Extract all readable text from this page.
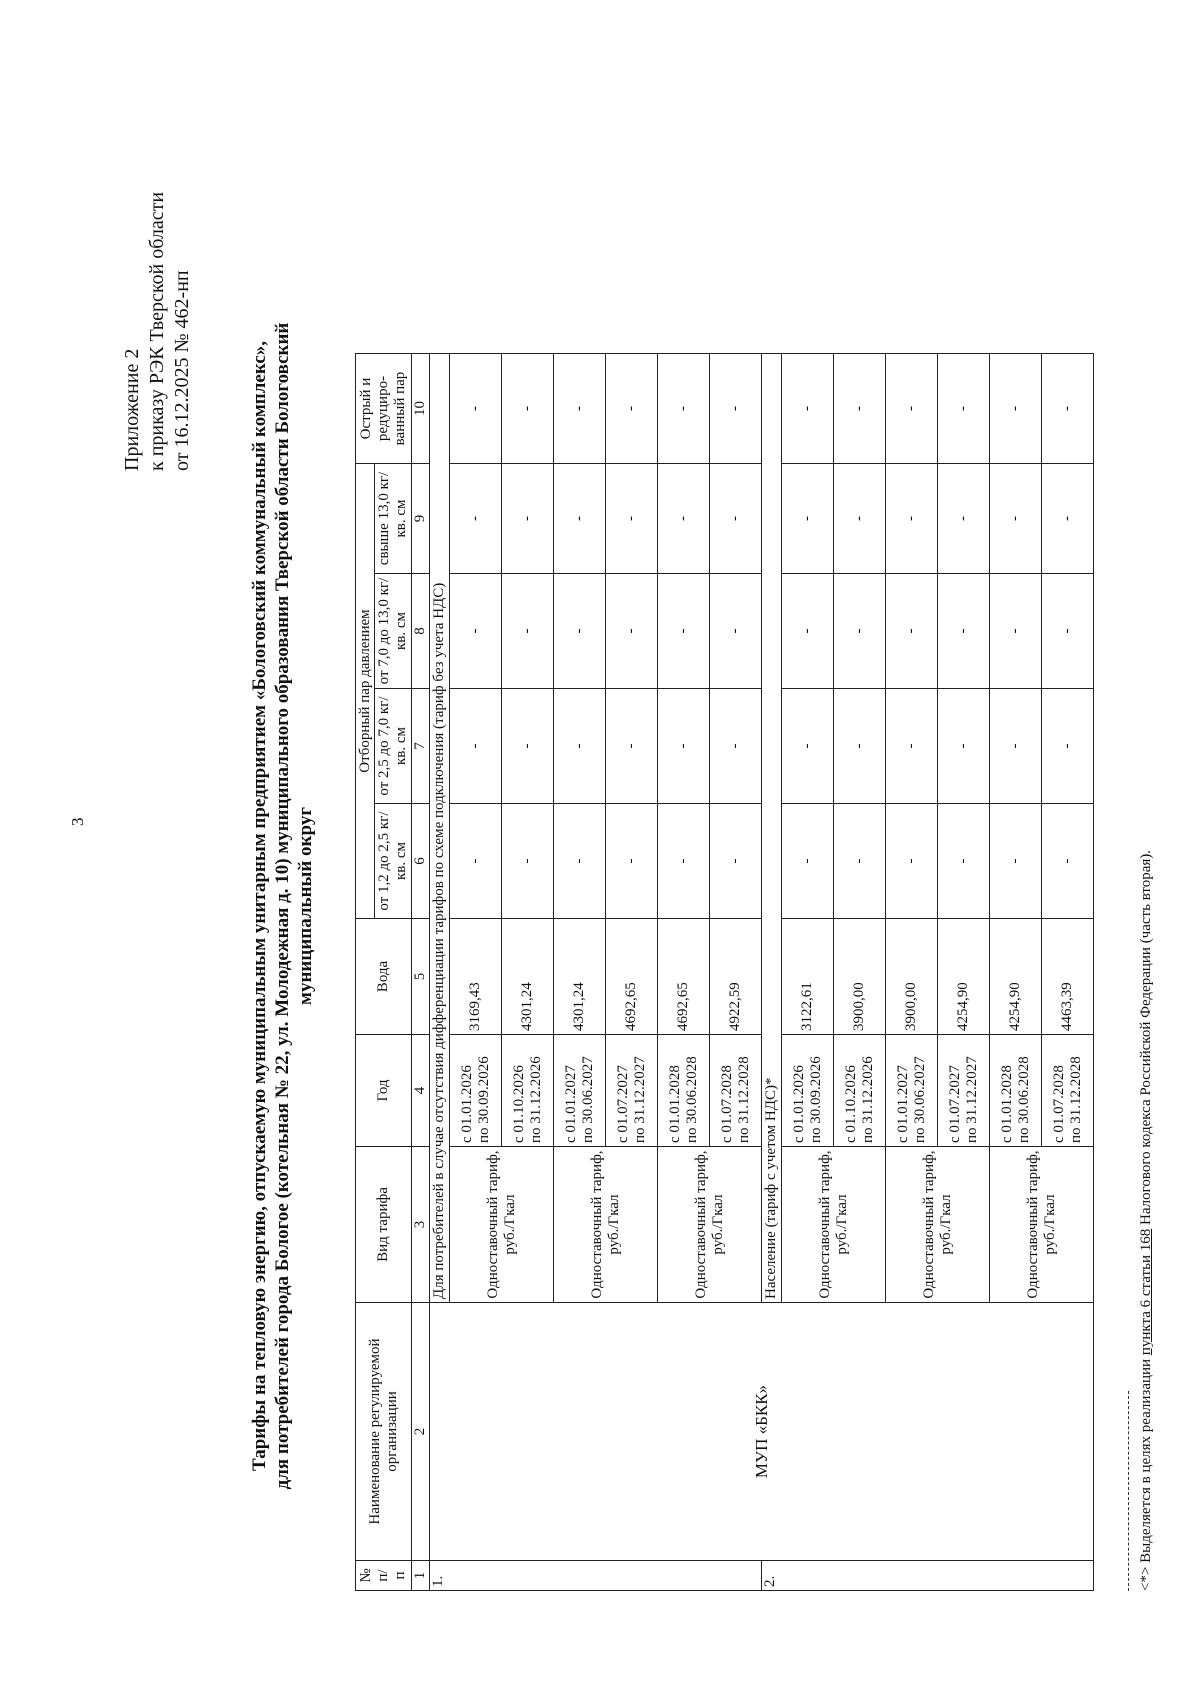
3
Приложение 2 к приказу РЭК Тверской области от 16.12.2025 № 462-нп	Тарифы на тепловую энергию, отпускаемую муниципальным унитарным предприятием «Бологовский коммунальный комплекс», для потребителей города Бологое (котельная № 22, ул. Молодежная д. 10) муниципального образования Тверской области Бологовский муниципальный округ
№ п/ п	Наименование регулируемой организации	Вид тарифа	Год	Вода	Отборный пар давлением				Острый и редуциро-ванный пар
					от 1,2 до 2,5 кг/кв. см	от 2,5 до 7,0 кг/кв. см	от 7,0 до 13,0 кг/кв. см	свыше 13,0 кг/кв. см	
1	2	3	4	5	6	7	8	9	10
1.	МУП «БКК»	Для потребителей в случае отсутствия дифференциации тарифов по схеме подключения (тариф без учета НДС)							
		Одноставочный тариф, руб./Гкал	с 01.01.2026 по 30.09.2026	3169,43	-	-	-	-	-

			с 01.10.2026 по 31.12.2026	4301,24	-	-	-	-	-
		Одноставочный тариф, руб./Гкал	с 01.01.2027 по 30.06.2027	4301,24	-	-	-	-	-

			с 01.07.2027 по 31.12.2027	4692,65	-	-	-	-	-
		Одноставочный тариф, руб./Гкал	с 01.01.2028 по 30.06.2028	4692,65	-	-	-	-	-

			с 01.07.2028 по 31.12.2028	4922,59	-	-	-	-	-
2.		Население (тариф с учетом НДС)*							
		Одноставочный тариф, руб./Гкал	с 01.01.2026 по 30.09.2026	3122,61	-	-	-	-	-

			с 01.10.2026 по 31.12.2026	3900,00	-	-	-	-	-
		Одноставочный тариф, руб./Гкал	с 01.01.2027 по 30.06.2027	3900,00	-	-	-	-	-

			с 01.07.2027 по 31.12.2027	4254,90	-	-	-	-	-
		Одноставочный тариф, руб./Гкал	с 01.01.2028 по 30.06.2028	4254,90	-	-	-	-	-

			с 01.07.2028 по 31.12.2028	4463,39	-	-	-	-	-
<*> Выделяется в целях реализации пункта 6 статьи 168 Налогового кодекса Российской Федерации (часть вторая).
